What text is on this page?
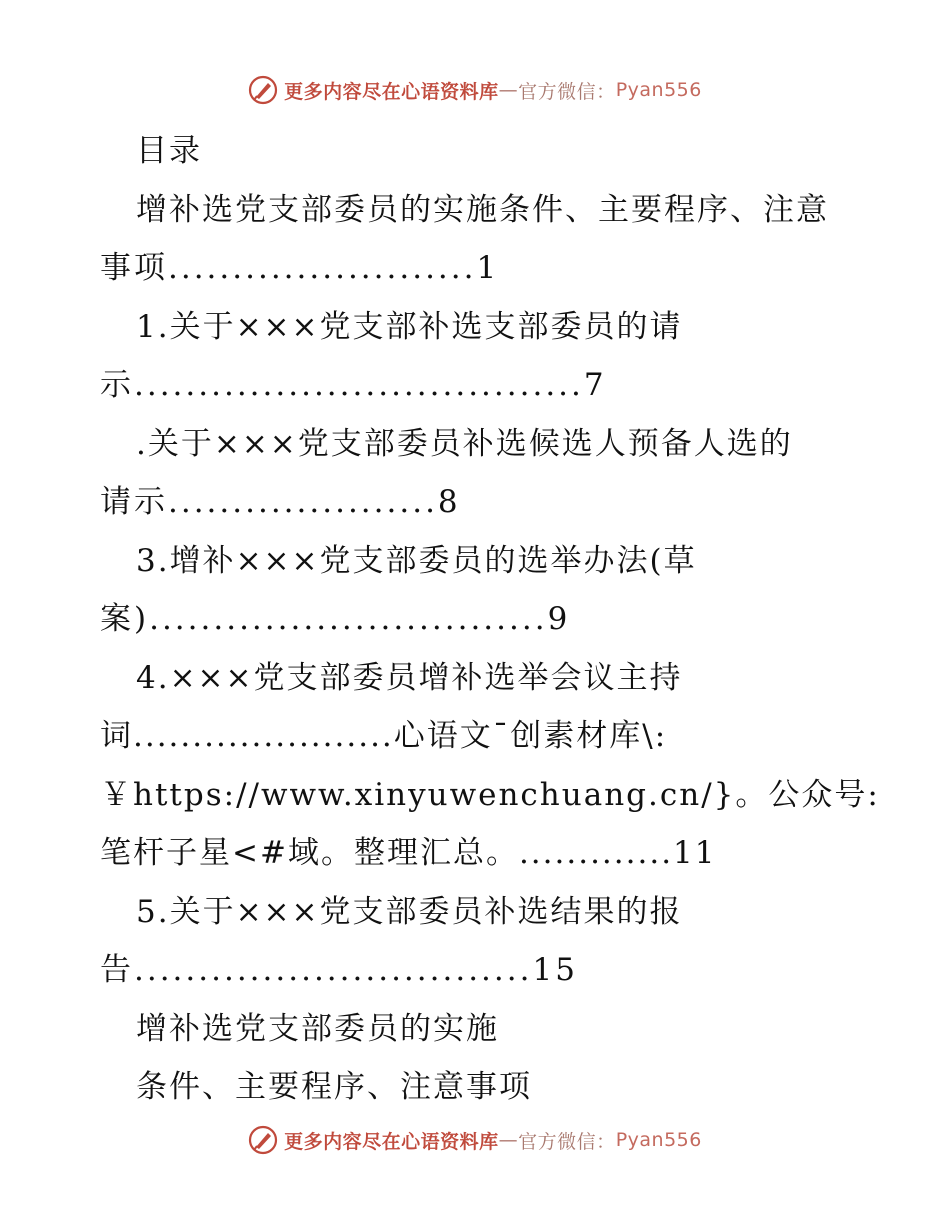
更多内容尽在心语资料库 — 官方微信： Pyan556
目录
增补选党支部委员的实施条件、主要程序、注意
事项........................1
1.关于×××党支部补选支部委员的请
示...................................7
.关于×××党支部委员补选候选人预备人选的
请示.....................8
3.增补×××党支部委员的选举办法(草
案)...............................9
4.×××党支部委员增补选举会议主持
词......................心语文¯创素材库\:
￥https://www.xinyuwenchuang.cn/}。公众号:
笔杆子星<#域。整理汇总。.............11
5.关于×××党支部委员补选结果的报
告...............................15
增补选党支部委员的实施
条件、主要程序、注意事项
更多内容尽在心语资料库 — 官方微信： Pyan556
